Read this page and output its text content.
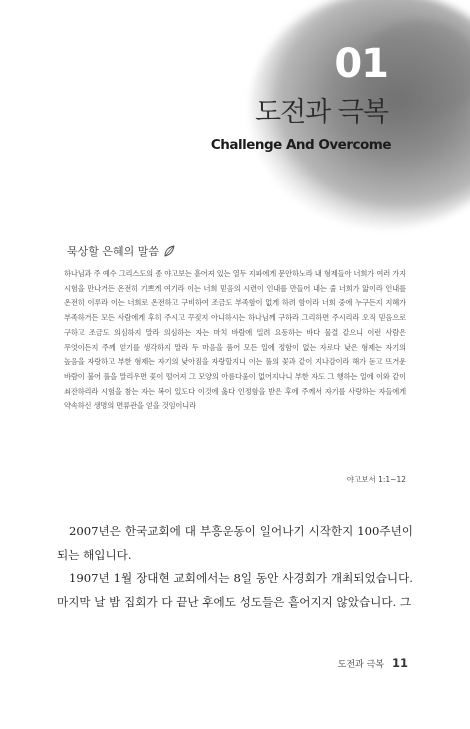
01
도전과 극복
Challenge And Overcome
묵상할 은혜의 말씀
하나님과 주 예수 그리스도의 종 야고보는 흩어져 있는 열두 지파에게 문안하노라 내 형제들아 너희가 여러 가지 시험을 만나거든 온전히 기쁘게 여기라 이는 너희 믿음의 시련이 인내를 만들어 내는 줄 너희가 앎이라 인내를 온전히 이루라 이는 너희로 온전하고 구비하여 조금도 부족함이 없게 하려 함이라 너희 중에 누구든지 지혜가 부족하거든 모든 사람에게 후히 주시고 꾸짖지 아니하시는 하나님께 구하라 그리하면 주시리라 오직 믿음으로 구하고 조금도 의심하지 말라 의심하는 자는 마치 바람에 밀려 요동하는 바다 물결 같으니 이런 사람은 무엇이든지 주께 얻기를 생각하지 말라 두 마음을 품어 모든 일에 정함이 없는 자로다 낮은 형제는 자기의 높음을 자랑하고 부한 형제는 자기의 낮아짐을 자랑할지니 이는 풀의 꽃과 같이 지나감이라 해가 돋고 뜨거운 바람이 불어 풀을 말리우면 꽃이 떨어져 그 모양의 아름다움이 없어지나니 부한 자도 그 행하는 일에 이와 같이 쇠잔하리라 시험을 참는 자는 복이 있도다 이것에 옳다 인정함을 받은 후에 주께서 자기를 사랑하는 자들에게 약속하신 생명의 면류관을 얻을 것임이니라
야고보서 1:1~12

2007년은 한국교회에 대 부흥운동이 일어나기 시작한지 100주년이 되는 해입니다.

1907년 1월 장대현 교회에서는 8일 동안 사경회가 개최되었습니다. 마지막 날 밤 집회가 다 끝난 후에도 성도들은 흩어지지 않았습니다. 그

도전과 극복 11
